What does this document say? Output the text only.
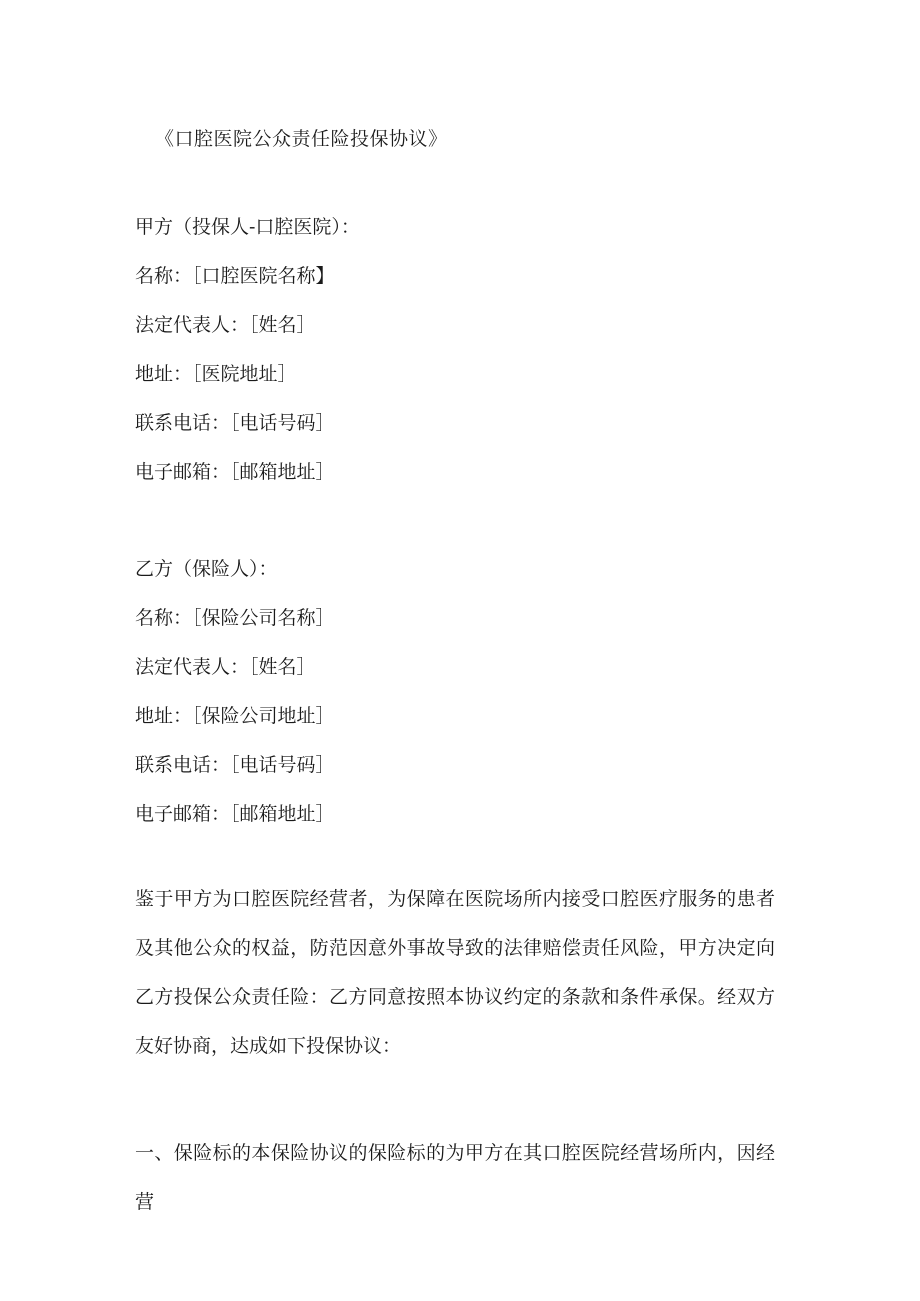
《口腔医院公众责任险投保协议》
甲方（投保人-口腔医院）：
名称：［口腔医院名称】
法定代表人：［姓名］
地址：［医院地址］
联系电话：［电话号码］
电子邮箱：［邮箱地址］
乙方（保险人）：
名称：［保险公司名称］
法定代表人：［姓名］
地址：［保险公司地址］
联系电话：［电话号码］
电子邮箱：［邮箱地址］
鉴于甲方为口腔医院经营者，为保障在医院场所内接受口腔医疗服务的患者及其他公众的权益，防范因意外事故导致的法律赔偿责任风险，甲方决定向乙方投保公众责任险：乙方同意按照本协议约定的条款和条件承保。经双方友好协商，达成如下投保协议：
一、保险标的本保险协议的保险标的为甲方在其口腔医院经营场所内，因经营
